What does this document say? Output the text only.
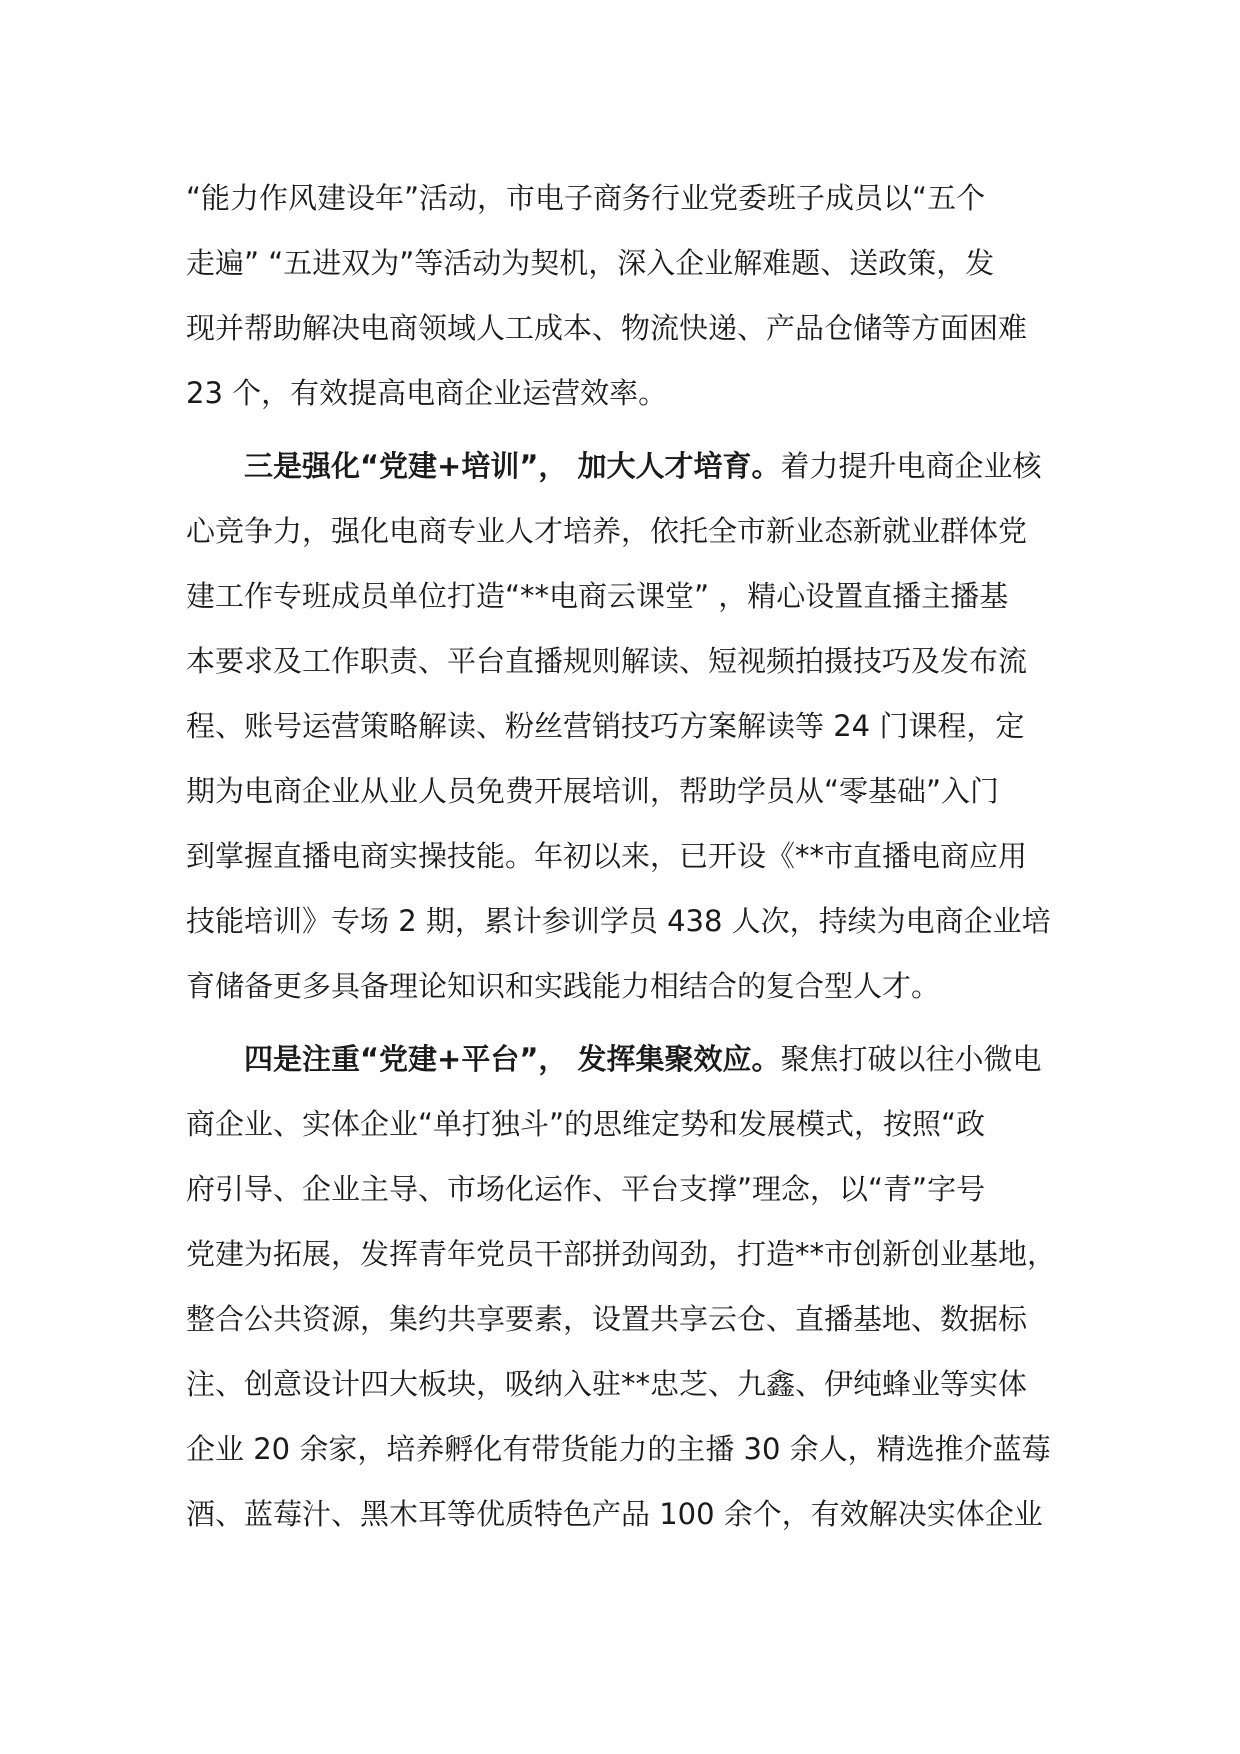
“能力作风建设年”活动，市电子商务行业党委班子成员以“五个
走遍” “五进双为”等活动为契机，深入企业解难题、送政策，发
现并帮助解决电商领域人工成本、物流快递、产品仓储等方面困难
23 个，有效提高电商企业运营效率。
三是强化“党建+培训”， 加大人才培育。着力提升电商企业核
心竞争力，强化电商专业人才培养，依托全市新业态新就业群体党
建工作专班成员单位打造“**电商云课堂” ，精心设置直播主播基
本要求及工作职责、平台直播规则解读、短视频拍摄技巧及发布流
程、账号运营策略解读、粉丝营销技巧方案解读等 24 门课程，定
期为电商企业从业人员免费开展培训，帮助学员从“零基础”入门
到掌握直播电商实操技能。年初以来，已开设《**市直播电商应用
技能培训》专场 2 期，累计参训学员 438 人次，持续为电商企业培
育储备更多具备理论知识和实践能力相结合的复合型人才。
四是注重“党建+平台”， 发挥集聚效应。聚焦打破以往小微电
商企业、实体企业“单打独斗”的思维定势和发展模式，按照“政
府引导、企业主导、市场化运作、平台支撑”理念，以“青”字号
党建为拓展，发挥青年党员干部拼劲闯劲，打造**市创新创业基地，
整合公共资源，集约共享要素，设置共享云仓、直播基地、数据标
注、创意设计四大板块，吸纳入驻**忠芝、九鑫、伊纯蜂业等实体
企业 20 余家，培养孵化有带货能力的主播 30 余人，精选推介蓝莓
酒、蓝莓汁、黑木耳等优质特色产品 100 余个，有效解决实体企业
